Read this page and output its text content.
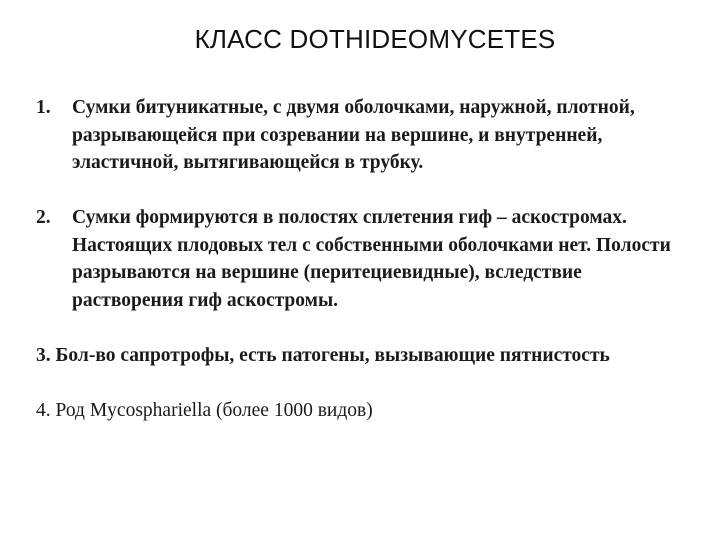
КЛАСС DOTHIDEOMYCETES
1. Сумки битуникатные, с двумя оболочками, наружной, плотной, разрывающейся при созревании на вершине, и внутренней, эластичной, вытягивающейся в трубку.
2. Сумки формируются в полостях сплетения гиф – аскостромах. Настоящих плодовых тел с собственными оболочками нет. Полости разрываются на вершине (перитециевидные), вследствие растворения гиф аскостромы.
3. Бол-во сапротрофы, есть патогены, вызывающие пятнистость
4. Род Mycosphariella (более 1000 видов)
